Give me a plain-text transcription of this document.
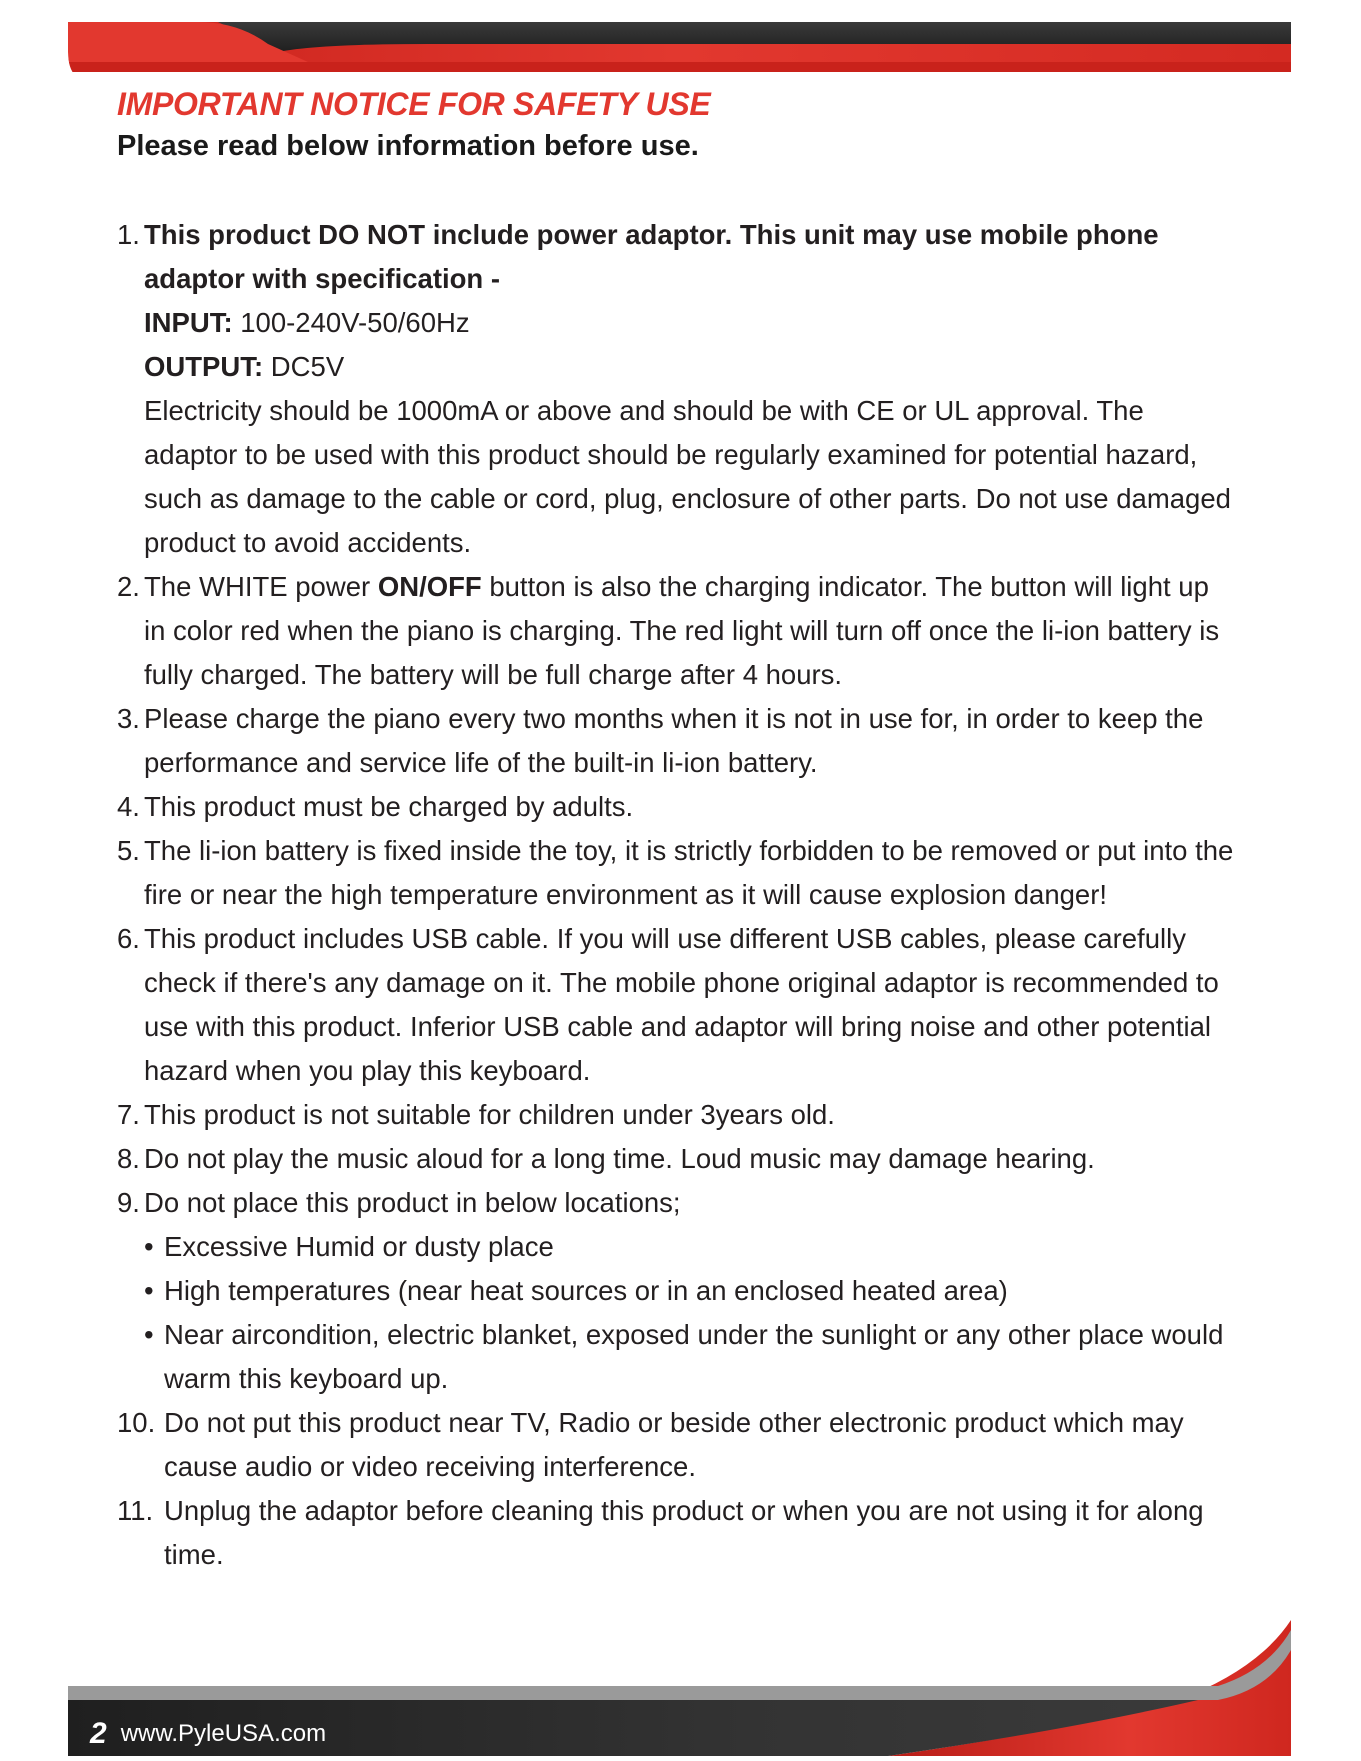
IMPORTANT NOTICE FOR SAFETY USE
Please read below information before use.
1. This product DO NOT include power adaptor. This unit may use mobile phone adaptor with specification -
INPUT: 100-240V-50/60Hz
OUTPUT: DC5V
Electricity should be 1000mA or above and should be with CE or UL approval. The adaptor to be used with this product should be regularly examined for potential hazard, such as damage to the cable or cord, plug, enclosure of other parts. Do not use damaged product to avoid accidents.
2. The WHITE power ON/OFF button is also the charging indicator. The button will light up in color red when the piano is charging. The red light will turn off once the li-ion battery is fully charged. The battery will be full charge after 4 hours.
3. Please charge the piano every two months when it is not in use for, in order to keep the performance and service life of the built-in li-ion battery.
4. This product must be charged by adults.
5. The li-ion battery is fixed inside the toy, it is strictly forbidden to be removed or put into the fire or near the high temperature environment as it will cause explosion danger!
6. This product includes USB cable. If you will use different USB cables, please carefully check if there's any damage on it. The mobile phone original adaptor is recommended to use with this product. Inferior USB cable and adaptor will bring noise and other potential hazard when you play this keyboard.
7. This product is not suitable for children under 3years old.
8. Do not play the music aloud for a long time. Loud music may damage hearing.
9. Do not place this product in below locations;
• Excessive Humid or dusty place
• High temperatures (near heat sources or in an enclosed heated area)
• Near aircondition, electric blanket, exposed under the sunlight or any other place would warm this keyboard up.
10. Do not put this product near TV, Radio or beside other electronic product which may cause audio or video receiving interference.
11. Unplug the adaptor before cleaning this product or when you are not using it for along time.
2 www.PyleUSA.com
